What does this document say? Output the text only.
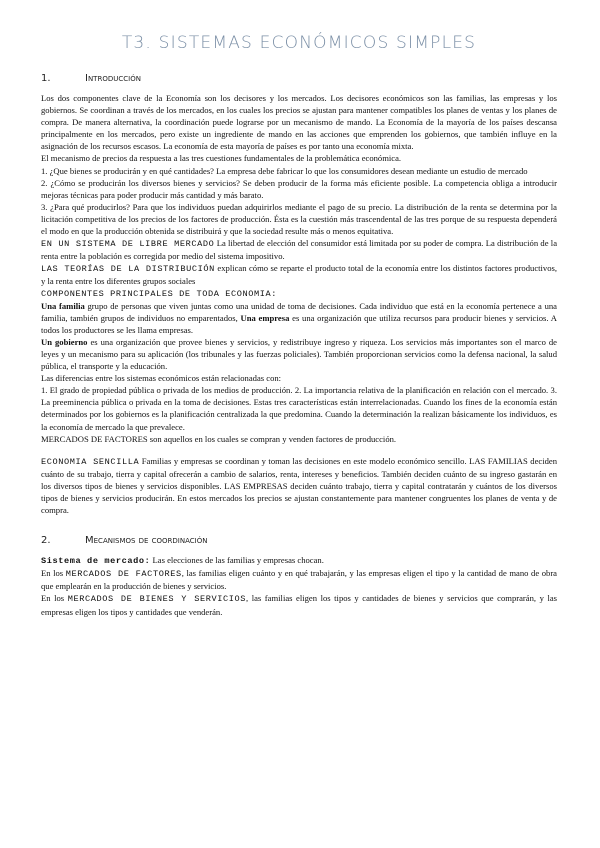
T3. SISTEMAS ECONÓMICOS SIMPLES
1.	Introducción

Los dos componentes clave de la Economía son los decisores y los mercados. Los decisores económicos son las familias, las empresas y los gobiernos. Se coordinan a través de los mercados, en los cuales los precios se ajustan para mantener compatibles los planes de ventas y los planes de compra. De manera alternativa, la coordinación puede lograrse por un mecanismo de mando. La Economía de la mayoría de los países descansa principalmente en los mercados, pero existe un ingrediente de mando en las acciones que emprenden los gobiernos, que también influye en la asignación de los recursos escasos. La economía de esta mayoría de países es por tanto una economía mixta.

El mecanismo de precios da respuesta a las tres cuestiones fundamentales de la problemática económica.

1. ¿Que bienes se producirán y en qué cantidades? La empresa debe fabricar lo que los consumidores desean mediante un estudio de mercado

2. ¿Cómo se producirán los diversos bienes y servicios? Se deben producir de la forma más eficiente posible. La competencia obliga a introducir mejoras técnicas para poder producir más cantidad y más barato.

3. ¿Para qué producirlos? Para que los individuos puedan adquirirlos mediante el pago de su precio. La distribución de la renta se determina por la licitación competitiva de los precios de los factores de producción. Ésta es la cuestión más trascendental de las tres porque de su respuesta dependerá el modo en que la producción obtenida se distribuirá y que la sociedad resulte más o menos equitativa.

EN UN SISTEMA DE LIBRE MERCADO La libertad de elección del consumidor está limitada por su poder de compra. La distribución de la renta entre la población es corregida por medio del sistema impositivo.

LAS TEORÍAS DE LA DISTRIBUCIÓN explican cómo se reparte el producto total de la economía entre los distintos factores productivos, y la renta entre los diferentes grupos sociales

COMPONENTES PRINCIPALES DE TODA ECONOMIA:

Una familia grupo de personas que viven juntas como una unidad de toma de decisiones. Cada individuo que está en la economía pertenece a una familia, también grupos de individuos no emparentados, Una empresa es una organización que utiliza recursos para producir bienes y servicios. A todos los productores se les llama empresas.

Un gobierno es una organización que provee bienes y servicios, y redistribuye ingreso y riqueza. Los servicios más importantes son el marco de leyes y un mecanismo para su aplicación (los tribunales y las fuerzas policiales). También proporcionan servicios como la defensa nacional, la salud pública, el transporte y la educación.

Las diferencias entre los sistemas económicos están relacionadas con:

1. El grado de propiedad pública o privada de los medios de producción. 2. La importancia relativa de la planificación en relación con el mercado. 3. La preeminencia pública o privada en la toma de decisiones. Estas tres características están interrelacionadas. Cuando los fines de la economía están determinados por los gobiernos es la planificación centralizada la que predomina. Cuando la determinación la realizan básicamente los individuos, es la economía de mercado la que prevalece.

MERCADOS DE FACTORES son aquellos en los cuales se compran y venden factores de producción.

ECONOMIA SENCILLA Familias y empresas se coordinan y toman las decisiones en este modelo económico sencillo. LAS FAMILIAS deciden cuánto de su trabajo, tierra y capital ofrecerán a cambio de salarios, renta, intereses y beneficios. También deciden cuánto de su ingreso gastarán en los diversos tipos de bienes y servicios disponibles. LAS EMPRESAS deciden cuánto trabajo, tierra y capital contratarán y cuántos de los diversos tipos de bienes y servicios producirán. En estos mercados los precios se ajustan constantemente para mantener congruentes los planes de venta y de compra.

2.	Mecanismos de coordinación

Sistema de mercado: Las elecciones de las familias y empresas chocan.

En los MERCADOS DE FACTORES, las familias eligen cuánto y en qué trabajarán, y las empresas eligen el tipo y la cantidad de mano de obra que emplearán en la producción de bienes y servicios.

En los MERCADOS DE BIENES Y SERVICIOS, las familias eligen los tipos y cantidades de bienes y servicios que comprarán, y las empresas eligen los tipos y cantidades que venderán.
